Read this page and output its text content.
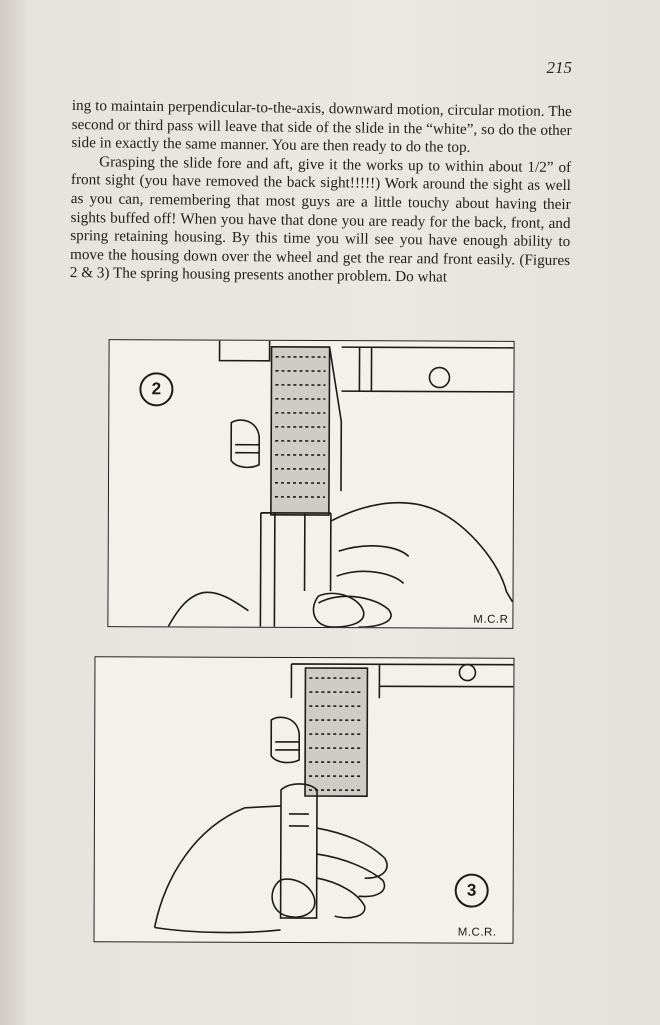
215

ing to maintain perpendicular-to-the-axis, downward motion, circular motion. The second or third pass will leave that side of the slide in the “white”, so do the other side in exactly the same manner. You are then ready to do the top.

Grasping the slide fore and aft, give it the works up to within about 1/2” of front sight (you have removed the back sight!!!!!) Work around the sight as well as you can, remembering that most guys are a little touchy about having their sights buffed off! When you have that done you are ready for the back, front, and spring retaining housing. By this time you will see you have enough ability to move the housing down over the wheel and get the rear and front easily. (Figures 2 & 3) The spring housing presents another problem. Do what

2
M.C.R
3
M.C.R.
